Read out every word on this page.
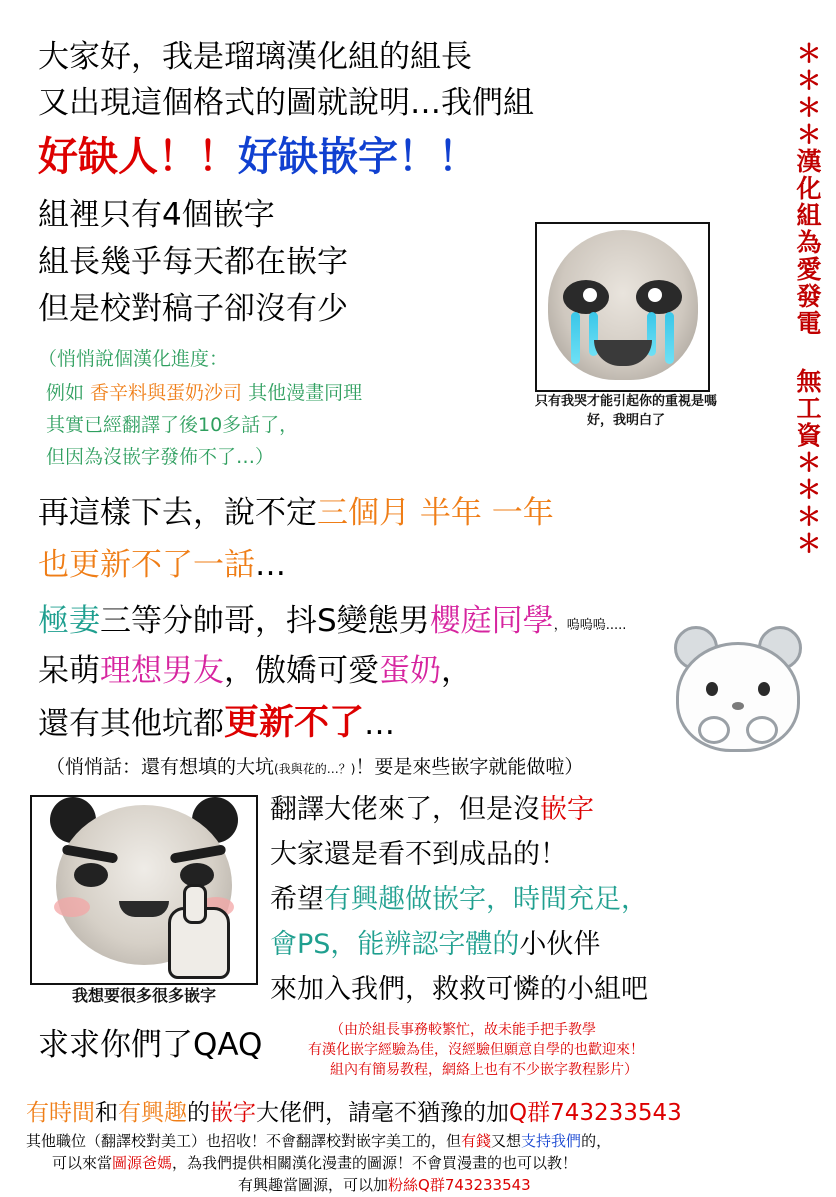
＊＊＊＊漢化組為愛發電 無工資＊＊＊＊
大家好，我是瑠璃漢化組的組長
又出現這個格式的圖就說明…我們組
好缺人！！好缺嵌字！！
組裡只有4個嵌字
組長幾乎每天都在嵌字
但是校對稿子卻沒有少
（悄悄說個漢化進度：
例如 香辛料與蛋奶沙司 其他漫畫同理
其實已經翻譯了後10多話了，
但因為沒嵌字發佈不了…）
只有我哭才能引起你的重視是嗎
好，我明白了
再這樣下去，說不定三個月 半年 一年
也更新不了一話…
極妻三等分帥哥，抖S變態男櫻庭同學，嗚嗚嗚.....
呆萌理想男友，傲嬌可愛蛋奶，
還有其他坑都更新不了…
（悄悄話：還有想填的大坑(我與花的…？)！要是來些嵌字就能做啦）
我想要很多很多嵌字
翻譯大佬來了，但是沒嵌字
大家還是看不到成品的！
希望有興趣做嵌字，時間充足，
會PS，能辨認字體的小伙伴
來加入我們，救救可憐的小組吧
求求你們了QAQ	（由於組長事務較繁忙，故未能手把手教學
有漢化嵌字經驗為佳，沒經驗但願意自學的也歡迎來！
組內有簡易教程，網絡上也有不少嵌字教程影片）
有時間和有興趣的嵌字大佬們，請毫不猶豫的加Q群743233543
其他職位（翻譯校對美工）也招收！不會翻譯校對嵌字美工的，但有錢又想支持我們的，
可以來當圖源爸媽，為我們提供相關漢化漫畫的圖源！不會買漫畫的也可以教！
有興趣當圖源，可以加粉絲Q群743233543
